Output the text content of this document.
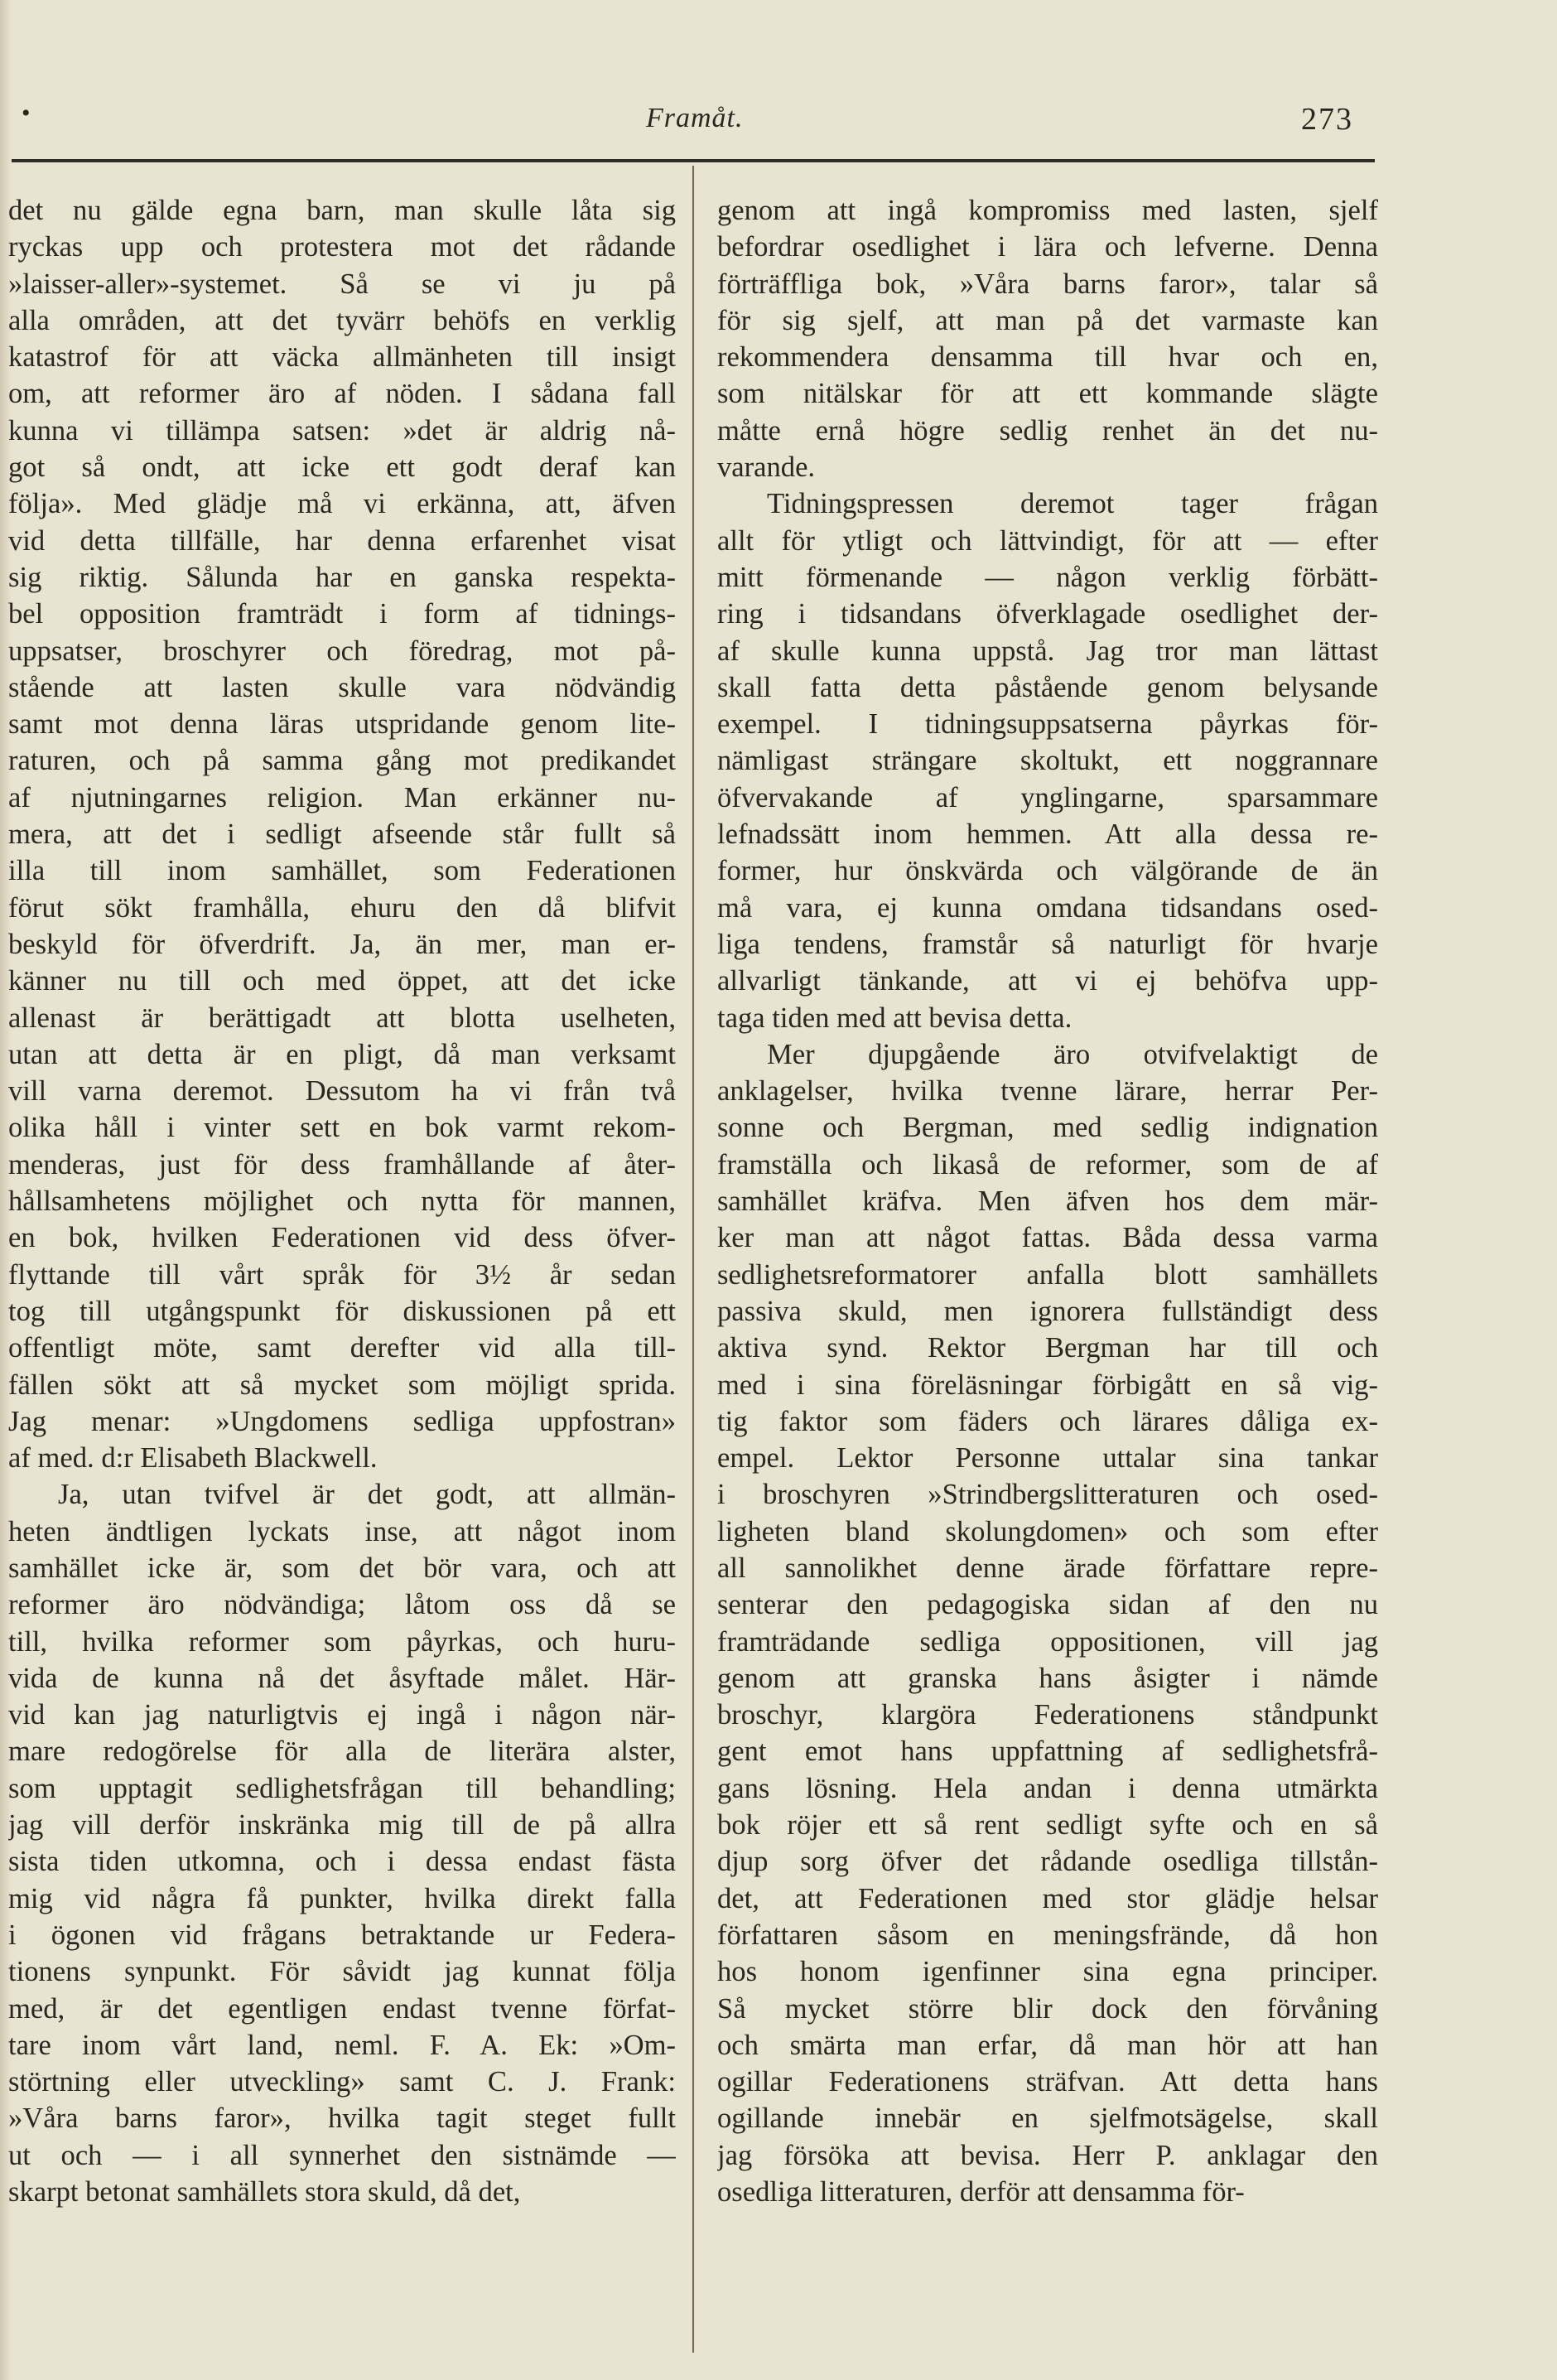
•	Framåt.	273
det nu gälde egna barn, man skulle låta sig
ryckas upp och protestera mot det rådande
»laisser-aller»-systemet. Så se vi ju på
alla områden, att det tyvärr behöfs en verklig
katastrof för att väcka allmänheten till insigt
om, att reformer äro af nöden. I sådana fall
kunna vi tillämpa satsen: »det är aldrig nå-
got så ondt, att icke ett godt deraf kan
följa». Med glädje må vi erkänna, att, äfven
vid detta tillfälle, har denna erfarenhet visat
sig riktig. Sålunda har en ganska respekta-
bel opposition framträdt i form af tidnings-
uppsatser, broschyrer och föredrag, mot på-
stående att lasten skulle vara nödvändig
samt mot denna läras utspridande genom lite-
raturen, och på samma gång mot predikandet
af njutningarnes religion. Man erkänner nu-
mera, att det i sedligt afseende står fullt så
illa till inom samhället, som Federationen
förut sökt framhålla, ehuru den då blifvit
beskyld för öfverdrift. Ja, än mer, man er-
känner nu till och med öppet, att det icke
allenast är berättigadt att blotta uselheten,
utan att detta är en pligt, då man verksamt
vill varna deremot. Dessutom ha vi från två
olika håll i vinter sett en bok varmt rekom-
menderas, just för dess framhållande af åter-
hållsamhetens möjlighet och nytta för mannen,
en bok, hvilken Federationen vid dess öfver-
flyttande till vårt språk för 3½ år sedan
tog till utgångspunkt för diskussionen på ett
offentligt möte, samt derefter vid alla till-
fällen sökt att så mycket som möjligt sprida.
Jag menar: »Ungdomens sedliga uppfostran»
af med. d:r Elisabeth Blackwell.
Ja, utan tvifvel är det godt, att allmän-
heten ändtligen lyckats inse, att något inom
samhället icke är, som det bör vara, och att
reformer äro nödvändiga; låtom oss då se
till, hvilka reformer som påyrkas, och huru-
vida de kunna nå det åsyftade målet. Här-
vid kan jag naturligtvis ej ingå i någon när-
mare redogörelse för alla de literära alster,
som upptagit sedlighetsfrågan till behandling;
jag vill derför inskränka mig till de på allra
sista tiden utkomna, och i dessa endast fästa
mig vid några få punkter, hvilka direkt falla
i ögonen vid frågans betraktande ur Federa-
tionens synpunkt. För såvidt jag kunnat följa
med, är det egentligen endast tvenne förfat-
tare inom vårt land, neml. F. A. Ek: »Om-
störtning eller utveckling» samt C. J. Frank:
»Våra barns faror», hvilka tagit steget fullt
ut och — i all synnerhet den sistnämde —
skarpt betonat samhällets stora skuld, då det,
genom att ingå kompromiss med lasten, sjelf
befordrar osedlighet i lära och lefverne. Denna
förträffliga bok, »Våra barns faror», talar så
för sig sjelf, att man på det varmaste kan
rekommendera densamma till hvar och en,
som nitälskar för att ett kommande slägte
måtte ernå högre sedlig renhet än det nu-
varande.
Tidningspressen deremot tager frågan
allt för ytligt och lättvindigt, för att — efter
mitt förmenande — någon verklig förbätt-
ring i tidsandans öfverklagade osedlighet der-
af skulle kunna uppstå. Jag tror man lättast
skall fatta detta påstående genom belysande
exempel. I tidningsuppsatserna påyrkas för-
nämligast strängare skoltukt, ett noggrannare
öfvervakande af ynglingarne, sparsammare
lefnadssätt inom hemmen. Att alla dessa re-
former, hur önskvärda och välgörande de än
må vara, ej kunna omdana tidsandans osed-
liga tendens, framstår så naturligt för hvarje
allvarligt tänkande, att vi ej behöfva upp-
taga tiden med att bevisa detta.
Mer djupgående äro otvifvelaktigt de
anklagelser, hvilka tvenne lärare, herrar Per-
sonne och Bergman, med sedlig indignation
framställa och likaså de reformer, som de af
samhället kräfva. Men äfven hos dem mär-
ker man att något fattas. Båda dessa varma
sedlighetsreformatorer anfalla blott samhällets
passiva skuld, men ignorera fullständigt dess
aktiva synd. Rektor Bergman har till och
med i sina föreläsningar förbigått en så vig-
tig faktor som fäders och lärares dåliga ex-
empel. Lektor Personne uttalar sina tankar
i broschyren »Strindbergslitteraturen och osed-
ligheten bland skolungdomen» och som efter
all sannolikhet denne ärade författare repre-
senterar den pedagogiska sidan af den nu
framträdande sedliga oppositionen, vill jag
genom att granska hans åsigter i nämde
broschyr, klargöra Federationens ståndpunkt
gent emot hans uppfattning af sedlighetsfrå-
gans lösning. Hela andan i denna utmärkta
bok röjer ett så rent sedligt syfte och en så
djup sorg öfver det rådande osedliga tillstån-
det, att Federationen med stor glädje helsar
författaren såsom en meningsfrände, då hon
hos honom igenfinner sina egna principer.
Så mycket större blir dock den förvåning
och smärta man erfar, då man hör att han
ogillar Federationens sträfvan. Att detta hans
ogillande innebär en sjelfmotsägelse, skall
jag försöka att bevisa. Herr P. anklagar den
osedliga litteraturen, derför att densamma för-
